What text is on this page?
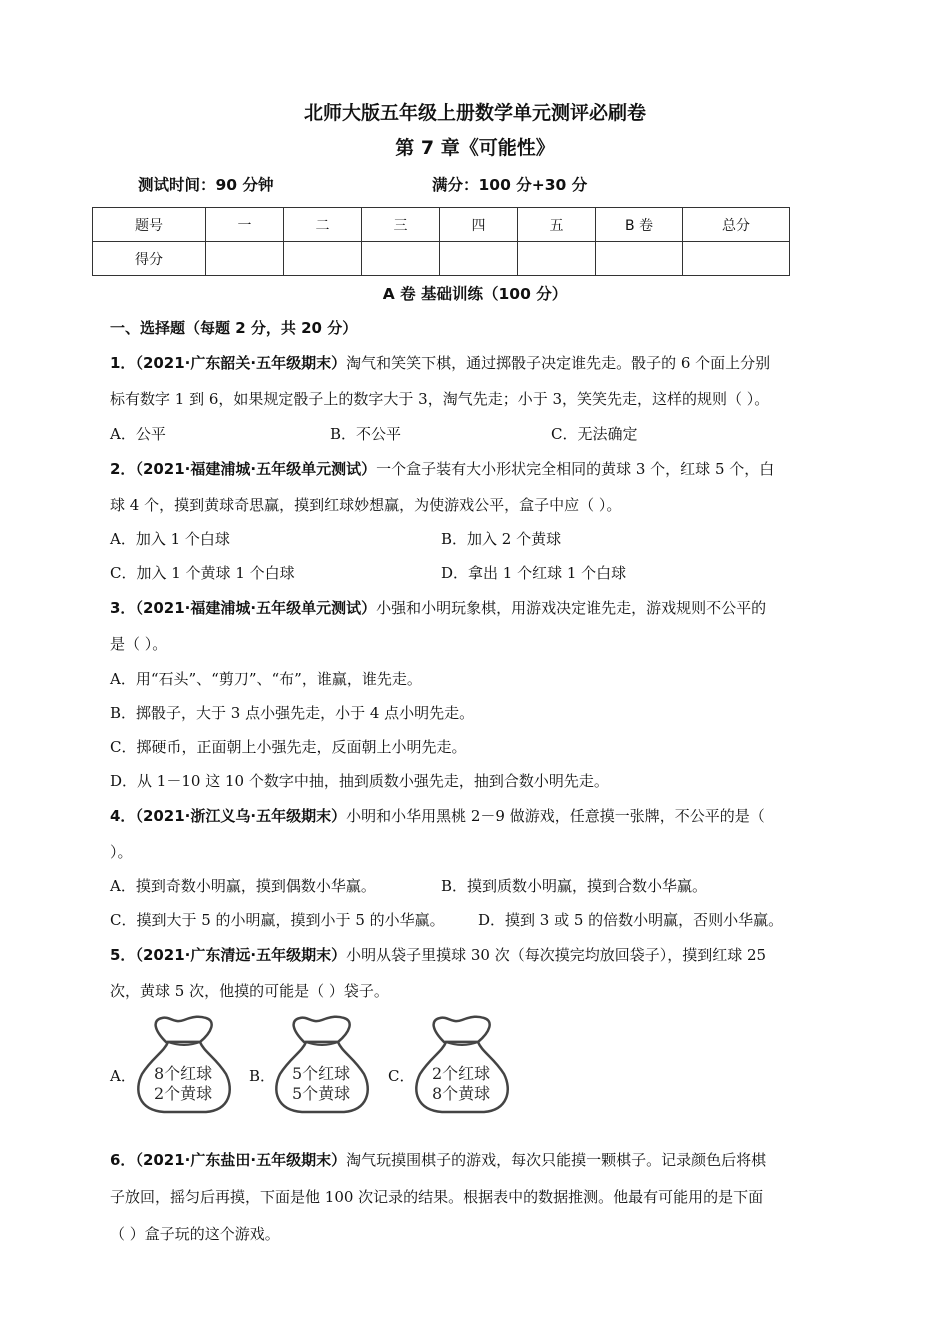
北师大版五年级上册数学单元测评必刷卷
第 7 章《可能性》
测试时间：90 分钟	满分：100 分+30 分
题号	一	二	三	四	五	B 卷	总分
得分							
A 卷 基础训练（100 分）
一、选择题（每题 2 分，共 20 分）
1．（2021·广东韶关·五年级期末）淘气和笑笑下棋，通过掷骰子决定谁先走。骰子的 6 个面上分别
标有数字 1 到 6，如果规定骰子上的数字大于 3，淘气先走；小于 3，笑笑先走，这样的规则（ ）。
A．公平	B．不公平	C．无法确定
2．（2021·福建浦城·五年级单元测试）一个盒子装有大小形状完全相同的黄球 3 个，红球 5 个，白
球 4 个，摸到黄球奇思赢，摸到红球妙想赢，为使游戏公平，盒子中应（ ）。
A．加入 1 个白球	B．加入 2 个黄球
C．加入 1 个黄球 1 个白球	D．拿出 1 个红球 1 个白球
3．（2021·福建浦城·五年级单元测试）小强和小明玩象棋，用游戏决定谁先走，游戏规则不公平的
是（ ）。
A．用“石头”、“剪刀”、“布”，谁赢，谁先走。
B．掷骰子，大于 3 点小强先走，小于 4 点小明先走。
C．掷硬币，正面朝上小强先走，反面朝上小明先走。
D．从 1－10 这 10 个数字中抽，抽到质数小强先走，抽到合数小明先走。
4．（2021·浙江义乌·五年级期末）小明和小华用黑桃 2－9 做游戏，任意摸一张牌，不公平的是（
）。
A．摸到奇数小明赢，摸到偶数小华赢。	B．摸到质数小明赢，摸到合数小华赢。
C．摸到大于 5 的小明赢，摸到小于 5 的小华赢。 D．摸到 3 或 5 的倍数小明赢，否则小华赢。
5．（2021·广东清远·五年级期末）小明从袋子里摸球 30 次（每次摸完均放回袋子），摸到红球 25
次，黄球 5 次，他摸的可能是（ ）袋子。
A． 8个红球
2个黄球
B． 5个红球
5个黄球
C． 2个红球
8个黄球
6．（2021·广东盐田·五年级期末）淘气玩摸围棋子的游戏，每次只能摸一颗棋子。记录颜色后将棋
子放回，摇匀后再摸，下面是他 100 次记录的结果。根据表中的数据推测。他最有可能用的是下面
（ ）盒子玩的这个游戏。
